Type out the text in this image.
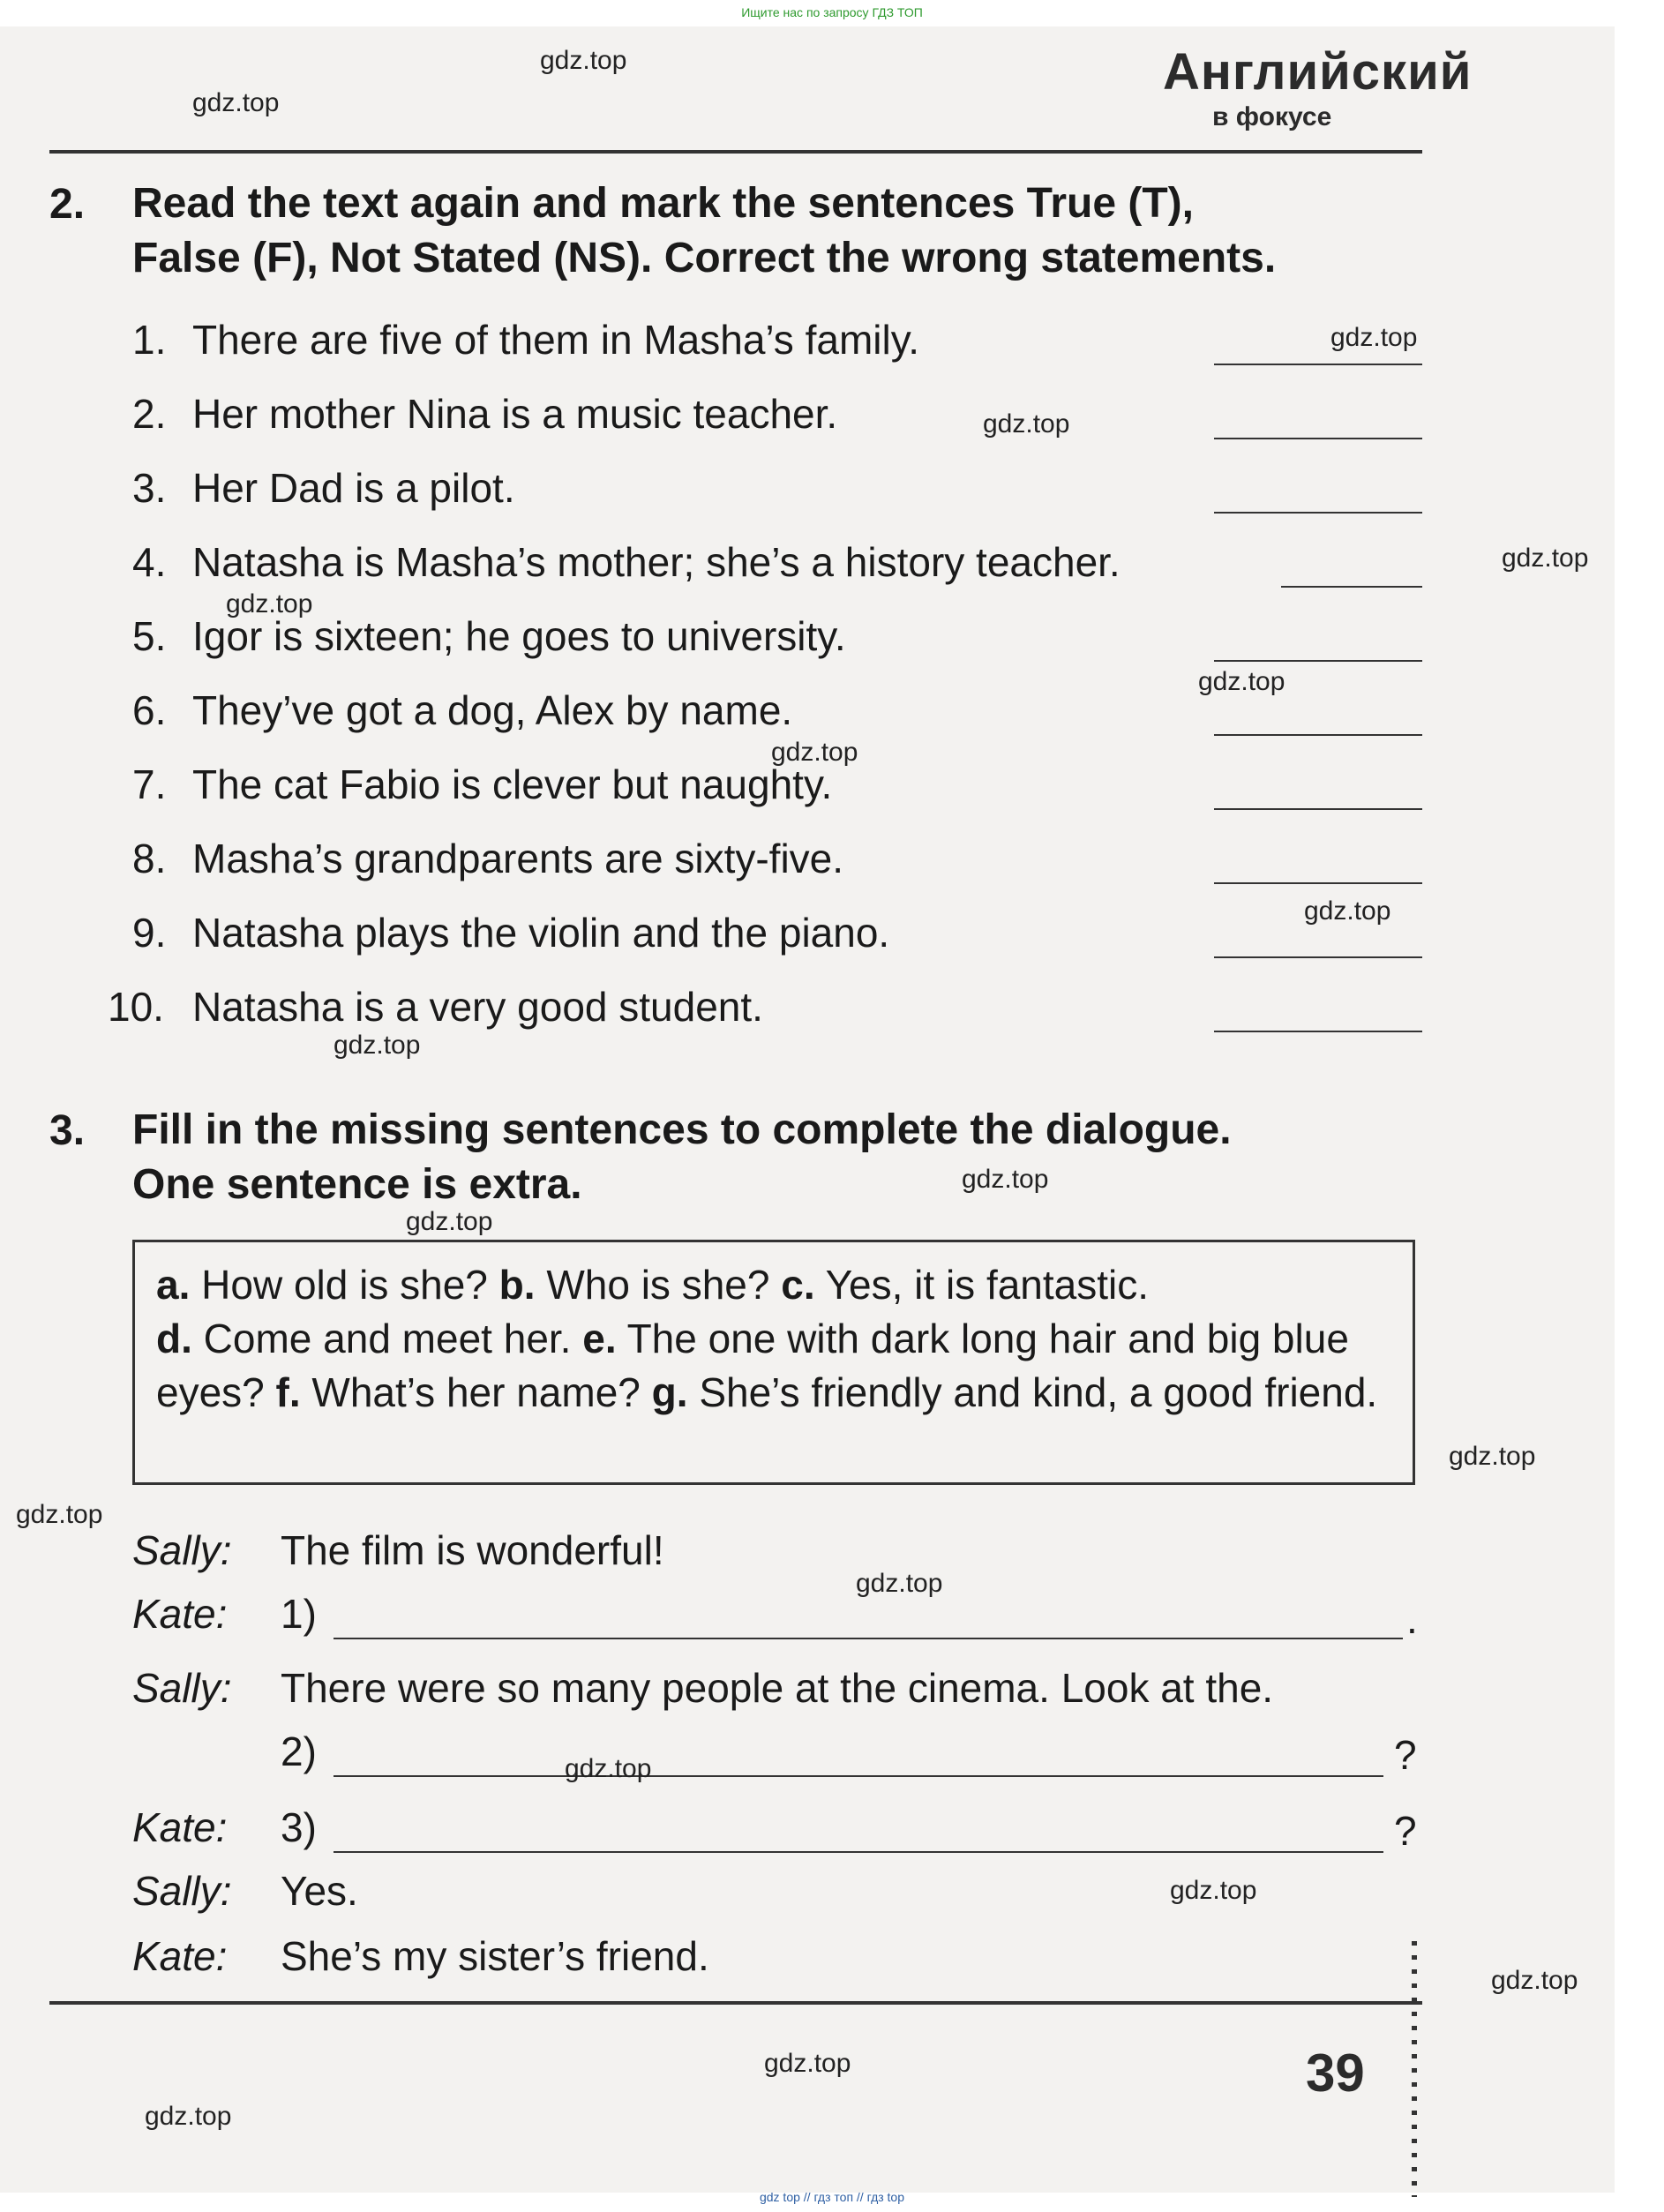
Ищите нас по запросу ГДЗ ТОП
Английский
в фокусе
2. Read the text again and mark the sentences True (T),
False (F), Not Stated (NS). Correct the wrong statements.
1. There are five of them in Masha’s family.
2. Her mother Nina is a music teacher.
3. Her Dad is a pilot.
4. Natasha is Masha’s mother; she’s a history teacher.
5. Igor is sixteen; he goes to university.
6. They’ve got a dog, Alex by name.
7. The cat Fabio is clever but naughty.
8. Masha’s grandparents are sixty-five.
9. Natasha plays the violin and the piano.
10. Natasha is a very good student.
3. Fill in the missing sentences to complete the dialogue.
One sentence is extra.
a. How old is she? b. Who is she? c. Yes, it is fantastic.
d. Come and meet her. e. The one with dark long hair and big blue eyes? f. What’s her name? g. She’s friendly and kind, a good friend.
Sally: The film is wonderful!
Kate: 1)	.
Sally: There were so many people at the cinema. Look at the.
2)	?
Kate: 3)	?
Sally: Yes.
Kate: She’s my sister’s friend.
39
gdz.top
gdz.top
gdz.top
gdz.top
gdz.top
gdz.top
gdz.top
gdz.top
gdz.top
gdz.top
gdz.top
gdz.top
gdz.top
gdz.top
gdz.top
gdz.top
gdz.top
gdz.top
gdz.top
gdz.top
gdz top // гдз топ // гдз top
